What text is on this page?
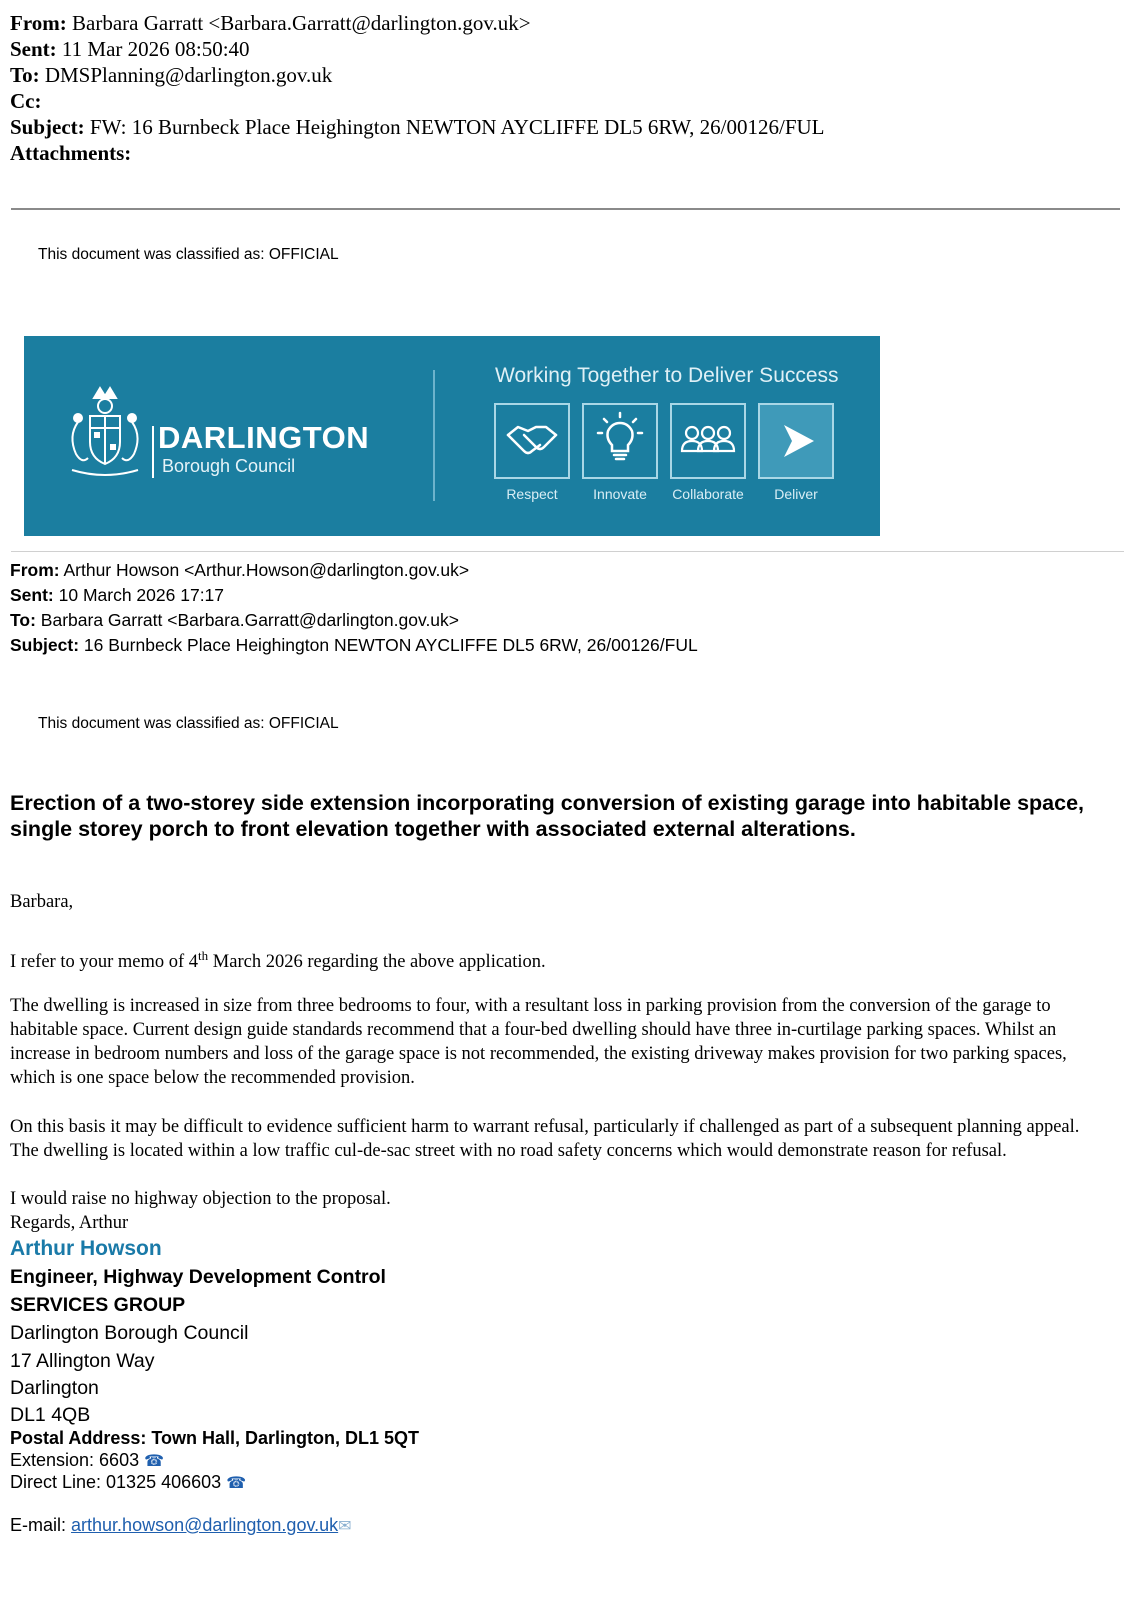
From: Barbara Garratt <Barbara.Garratt@darlington.gov.uk>
Sent: 11 Mar 2026 08:50:40
To: DMSPlanning@darlington.gov.uk
Cc:
Subject: FW: 16 Burnbeck Place Heighington NEWTON AYCLIFFE DL5 6RW, 26/00126/FUL
Attachments:
This document was classified as: OFFICIAL
DARLINGTON
Borough Council
Working Together to Deliver Success
Respect	Innovate	Collaborate	Deliver
From: Arthur Howson <Arthur.Howson@darlington.gov.uk>
Sent: 10 March 2026 17:17
To: Barbara Garratt <Barbara.Garratt@darlington.gov.uk>
Subject: 16 Burnbeck Place Heighington NEWTON AYCLIFFE DL5 6RW, 26/00126/FUL
This document was classified as: OFFICIAL
Erection of a two-storey side extension incorporating conversion of existing garage into habitable space, single storey porch to front elevation together with associated external alterations.
Barbara,
I refer to your memo of 4th March 2026 regarding the above application.
The dwelling is increased in size from three bedrooms to four, with a resultant loss in parking provision from the conversion of the garage to habitable space. Current design guide standards recommend that a four-bed dwelling should have three in-curtilage parking spaces. Whilst an increase in bedroom numbers and loss of the garage space is not recommended, the existing driveway makes provision for two parking spaces, which is one space below the recommended provision.
On this basis it may be difficult to evidence sufficient harm to warrant refusal, particularly if challenged as part of a subsequent planning appeal. The dwelling is located within a low traffic cul-de-sac street with no road safety concerns which would demonstrate reason for refusal.
I would raise no highway objection to the proposal.
Regards, Arthur
Arthur Howson
Engineer, Highway Development Control
SERVICES GROUP
Darlington Borough Council
17 Allington Way
Darlington
DL1 4QB
Postal Address: Town Hall, Darlington, DL1 5QT
Extension: 6603 ☎
Direct Line: 01325 406603 ☎
E-mail: arthur.howson@darlington.gov.uk✉
